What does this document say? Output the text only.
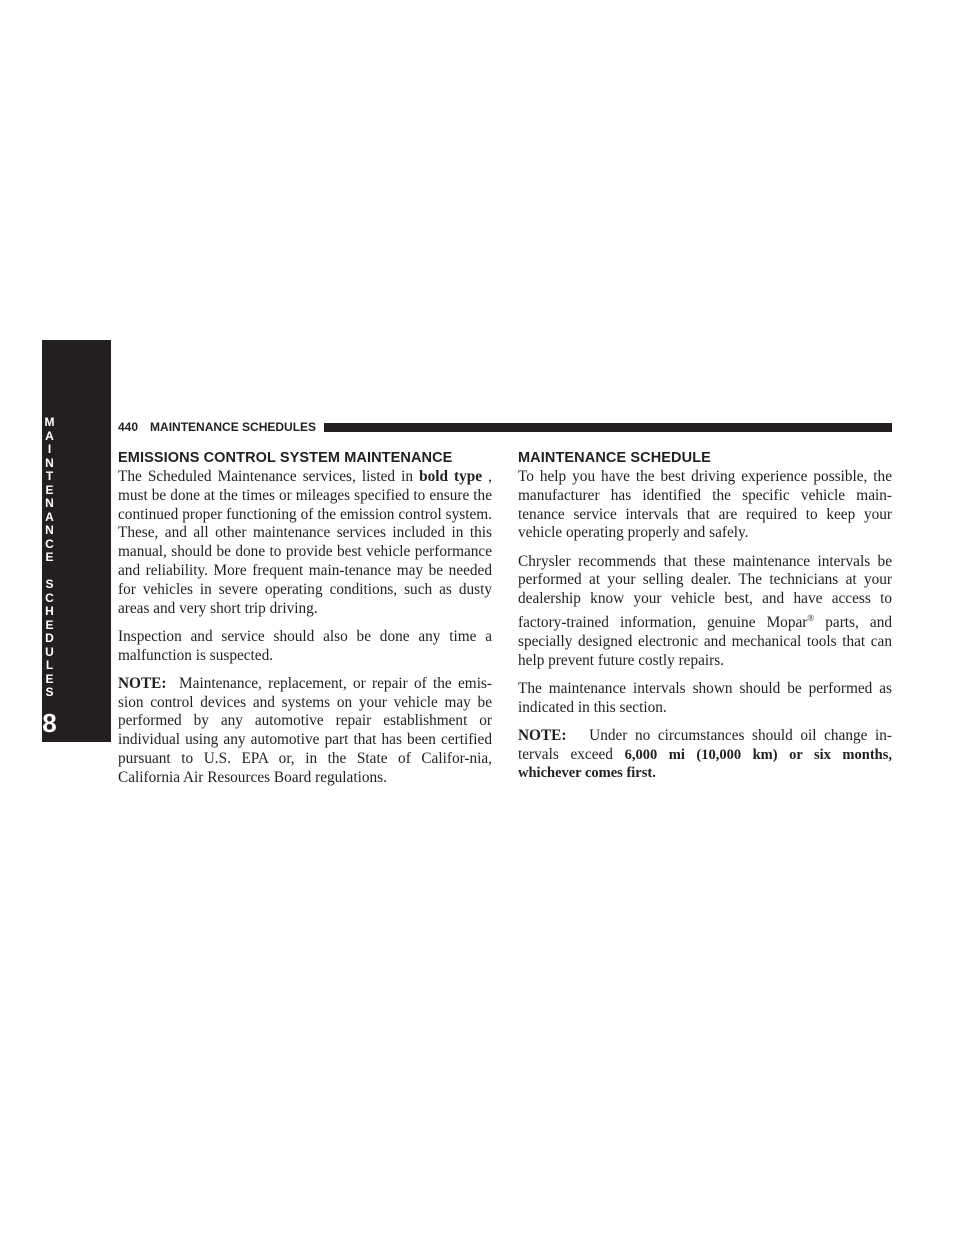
M
A
I
N
T
E
N
A
N
C
E
S
C
H
E
D
U
L
E
S
8
440 MAINTENANCE SCHEDULES
EMISSIONS CONTROL SYSTEM MAINTENANCE

The Scheduled Maintenance services, listed in bold type , must be done at the times or mileages specified to ensure the continued proper functioning of the emission control system. These, and all other maintenance services included in this manual, should be done to provide best vehicle performance and reliability. More frequent main-tenance may be needed for vehicles in severe operating conditions, such as dusty areas and very short trip driving.

Inspection and service should also be done any time a malfunction is suspected.

NOTE: Maintenance, replacement, or repair of the emis-sion control devices and systems on your vehicle may be performed by any automotive repair establishment or individual using any automotive part that has been certified pursuant to U.S. EPA or, in the State of Califor-nia, California Air Resources Board regulations.

MAINTENANCE SCHEDULE

To help you have the best driving experience possible, the manufacturer has identified the specific vehicle main-tenance service intervals that are required to keep your vehicle operating properly and safely.

Chrysler recommends that these maintenance intervals be performed at your selling dealer. The technicians at your dealership know your vehicle best, and have access to factory-trained information, genuine Mopar® parts, and specially designed electronic and mechanical tools that can help prevent future costly repairs.

The maintenance intervals shown should be performed as indicated in this section.

NOTE: Under no circumstances should oil change in-tervals exceed 6,000 mi (10,000 km) or six months, whichever comes first.
